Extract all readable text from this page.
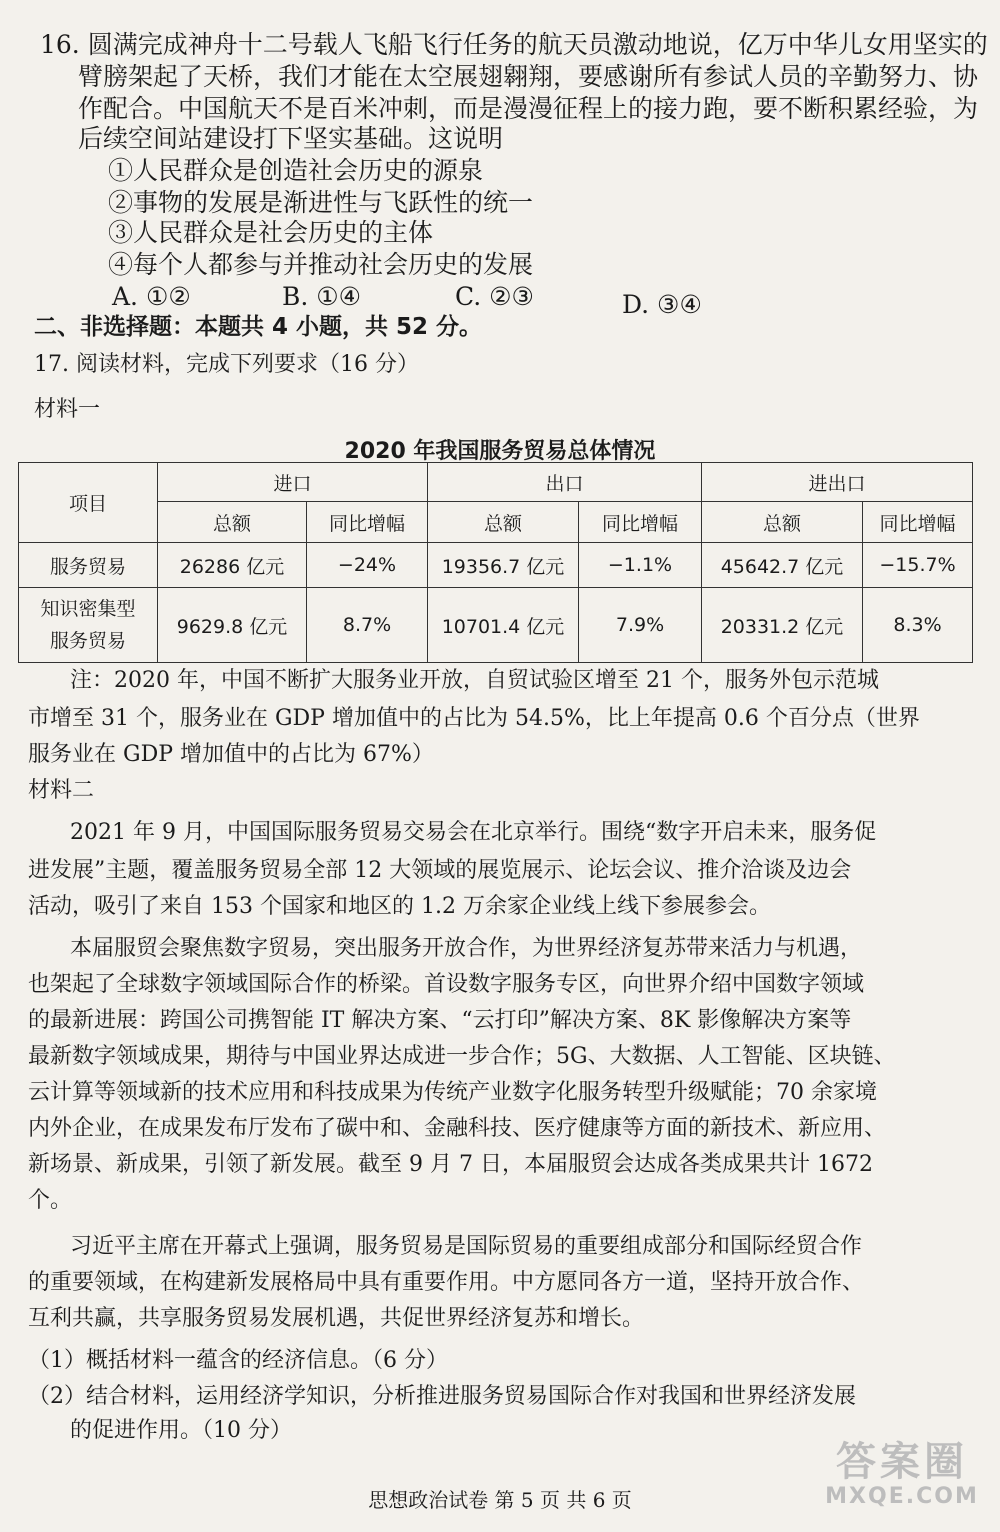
16. 圆满完成神舟十二号载人飞船飞行任务的航天员激动地说，亿万中华儿女用坚实的
臂膀架起了天桥，我们才能在太空展翅翱翔，要感谢所有参试人员的辛勤努力、协
作配合。中国航天不是百米冲刺，而是漫漫征程上的接力跑，要不断积累经验，为
后续空间站建设打下坚实基础。这说明
①人民群众是创造社会历史的源泉
②事物的发展是渐进性与飞跃性的统一
③人民群众是社会历史的主体
④每个人都参与并推动社会历史的发展
A. ①②	B. ①④	C. ②③	D. ③④
二、非选择题：本题共 4 小题，共 52 分。
17. 阅读材料，完成下列要求（16 分）
材料一
2020 年我国服务贸易总体情况
项目	进口		出口		进出口	
	总额	同比增幅	总额	同比增幅	总额	同比增幅
服务贸易	26286 亿元	−24%	19356.7 亿元	−1.1%	45642.7 亿元	−15.7%

知识密集型
服务贸易	9629.8 亿元	8.7%	10701.4 亿元	7.9%	20331.2 亿元	8.3%
注：2020 年，中国不断扩大服务业开放，自贸试验区增至 21 个，服务外包示范城
市增至 31 个，服务业在 GDP 增加值中的占比为 54.5%，比上年提高 0.6 个百分点（世界
服务业在 GDP 增加值中的占比为 67%）
材料二
2021 年 9 月，中国国际服务贸易交易会在北京举行。围绕“数字开启未来，服务促
进发展”主题，覆盖服务贸易全部 12 大领域的展览展示、论坛会议、推介洽谈及边会
活动，吸引了来自 153 个国家和地区的 1.2 万余家企业线上线下参展参会。
本届服贸会聚焦数字贸易，突出服务开放合作，为世界经济复苏带来活力与机遇，
也架起了全球数字领域国际合作的桥梁。首设数字服务专区，向世界介绍中国数字领域
的最新进展：跨国公司携智能 IT 解决方案、“云打印”解决方案、8K 影像解决方案等
最新数字领域成果，期待与中国业界达成进一步合作；5G、大数据、人工智能、区块链、
云计算等领域新的技术应用和科技成果为传统产业数字化服务转型升级赋能；70 余家境
内外企业，在成果发布厅发布了碳中和、金融科技、医疗健康等方面的新技术、新应用、
新场景、新成果，引领了新发展。截至 9 月 7 日，本届服贸会达成各类成果共计 1672
个。
习近平主席在开幕式上强调，服务贸易是国际贸易的重要组成部分和国际经贸合作
的重要领域，在构建新发展格局中具有重要作用。中方愿同各方一道，坚持开放合作、
互利共赢，共享服务贸易发展机遇，共促世界经济复苏和增长。
（1）概括材料一蕴含的经济信息。（6 分）
（2）结合材料，运用经济学知识，分析推进服务贸易国际合作对我国和世界经济发展
的促进作用。（10 分）
思想政治试卷 第 5 页 共 6 页
答案圈
MXQE.COM
